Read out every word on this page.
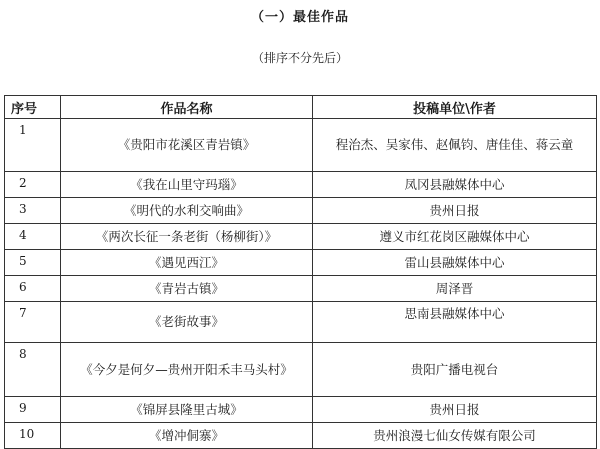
（一）最佳作品
（排序不分先后）
序号	作品名称	投稿单位\作者
1	《贵阳市花溪区青岩镇》	程治杰、吴家伟、赵佩钧、唐佳佳、蒋云童
2	《我在山里守玛瑙》	凤冈县融媒体中心
3	《明代的水利交响曲》	贵州日报
4	《两次长征一条老街（杨柳街）》	遵义市红花岗区融媒体中心
5	《遇见西江》	雷山县融媒体中心
6	《青岩古镇》	周泽晋
7	《老街故事》	思南县融媒体中心
8	《今夕是何夕—贵州开阳禾丰马头村》	贵阳广播电视台
9	《锦屏县隆里古城》	贵州日报
10	《增冲侗寨》	贵州浪漫七仙女传媒有限公司
